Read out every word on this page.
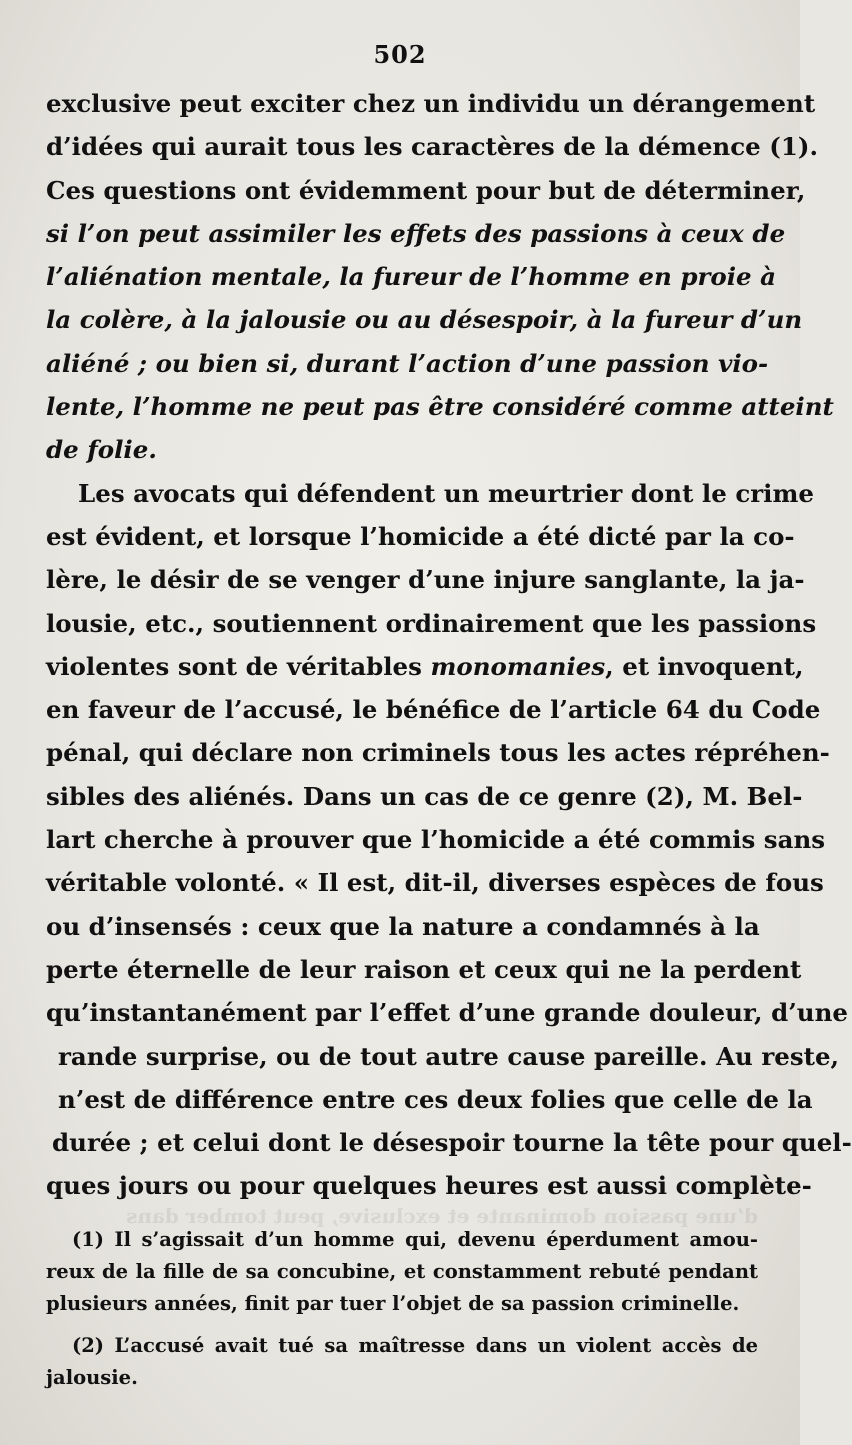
502
d’une passion dominante et exclusive, peut tomber dans
exclusive peut exciter chez un individu un dérangement
d’idées qui aurait tous les caractères de la démence (1).
Ces questions ont évidemment pour but de déterminer,
si l’on peut assimiler les effets des passions à ceux de
l’aliénation mentale, la fureur de l’homme en proie à
la colère, à la jalousie ou au désespoir, à la fureur d’un
aliéné ; ou bien si, durant l’action d’une passion vio-
lente, l’homme ne peut pas être considéré comme atteint
de folie.
Les avocats qui défendent un meurtrier dont le crime
est évident, et lorsque l’homicide a été dicté par la co-
lère, le désir de se venger d’une injure sanglante, la ja-
lousie, etc., soutiennent ordinairement que les passions
violentes sont de véritables monomanies, et invoquent,
en faveur de l’accusé, le bénéfice de l’article 64 du Code
pénal, qui déclare non criminels tous les actes répréhen-
sibles des aliénés. Dans un cas de ce genre (2), M. Bel-
lart cherche à prouver que l’homicide a été commis sans
véritable volonté. « Il est, dit-il, diverses espèces de fous
ou d’insensés : ceux que la nature a condamnés à la
perte éternelle de leur raison et ceux qui ne la perdent
qu’instantanément par l’effet d’une grande douleur, d’une
rande surprise, ou de tout autre cause pareille. Au reste,
n’est de différence entre ces deux folies que celle de la
durée ; et celui dont le désespoir tourne la tête pour quel-
ques jours ou pour quelques heures est aussi complète-
(1) Il s’agissait d’un homme qui, devenu éperdument amou-
reux de la fille de sa concubine, et constamment rebuté pendant
plusieurs années, finit par tuer l’objet de sa passion criminelle.
(2) L’accusé avait tué sa maîtresse dans un violent accès de
jalousie.
